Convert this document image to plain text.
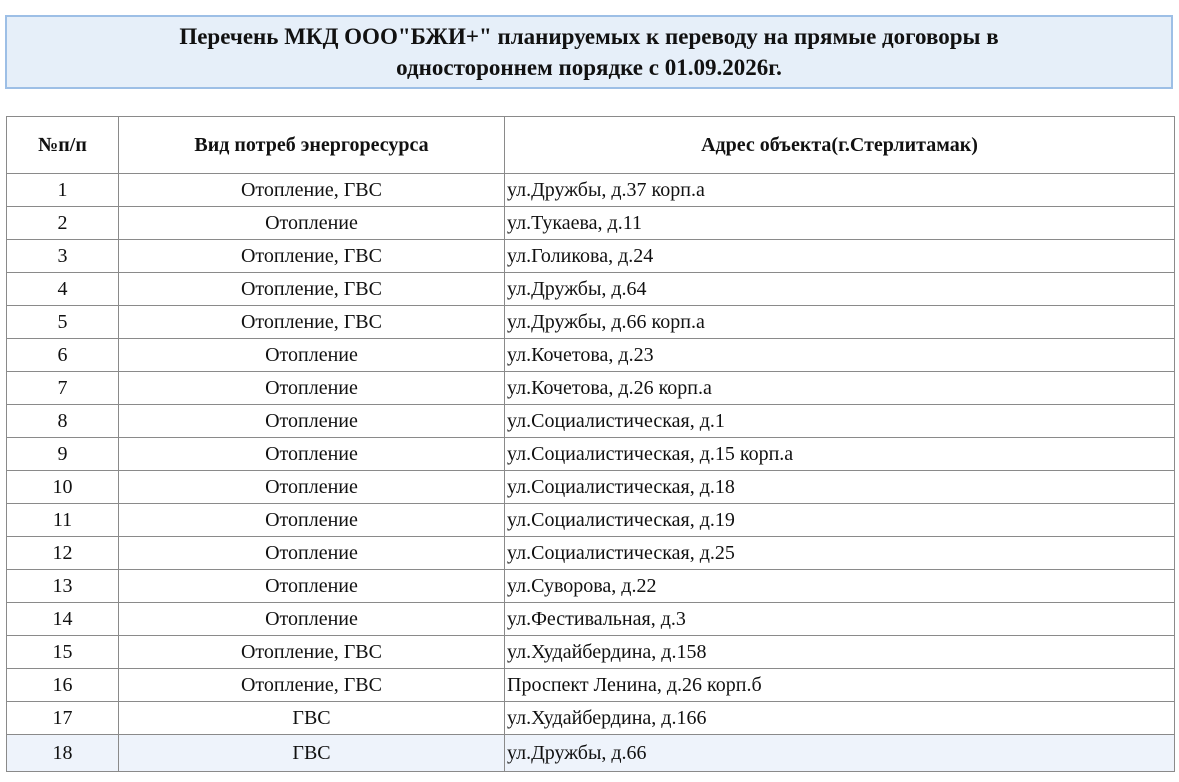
Перечень МКД ООО"БЖИ+" планируемых к переводу на прямые договоры в
одностороннем порядке с 01.09.2026г.
№п/п	Вид потреб энергоресурса	Адрес объекта(г.Стерлитамак)
1	Отопление, ГВС	ул.Дружбы, д.37 корп.а
2	Отопление	ул.Тукаева, д.11
3	Отопление, ГВС	ул.Голикова, д.24
4	Отопление, ГВС	ул.Дружбы, д.64
5	Отопление, ГВС	ул.Дружбы, д.66 корп.а
6	Отопление	ул.Кочетова, д.23
7	Отопление	ул.Кочетова, д.26 корп.а
8	Отопление	ул.Социалистическая, д.1
9	Отопление	ул.Социалистическая, д.15 корп.а
10	Отопление	ул.Социалистическая, д.18
11	Отопление	ул.Социалистическая, д.19
12	Отопление	ул.Социалистическая, д.25
13	Отопление	ул.Суворова, д.22
14	Отопление	ул.Фестивальная, д.3
15	Отопление, ГВС	ул.Худайбердина, д.158
16	Отопление, ГВС	Проспект Ленина, д.26 корп.б
17	ГВС	ул.Худайбердина, д.166
18	ГВС	ул.Дружбы, д.66
